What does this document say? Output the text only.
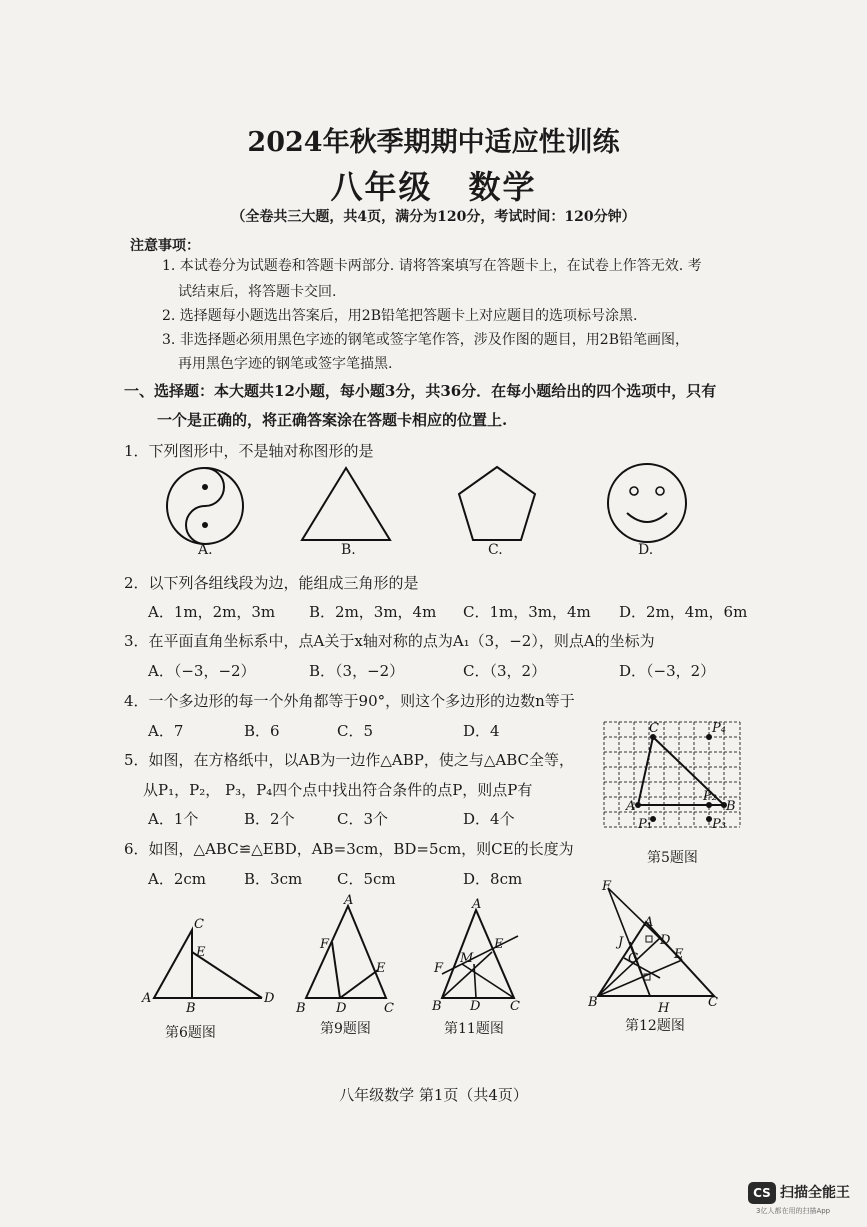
2024年秋季期期中适应性训练
八年级 数学
（全卷共三大题，共4页，满分为120分，考试时间：120分钟）
注意事项：
1. 本试卷分为试题卷和答题卡两部分. 请将答案填写在答题卡上，在试卷上作答无效. 考
试结束后，将答题卡交回.
2. 选择题每小题选出答案后，用2B铅笔把答题卡上对应题目的选项标号涂黑.
3. 非选择题必须用黑色字迹的钢笔或签字笔作答，涉及作图的题目，用2B铅笔画图，
再用黑色字迹的钢笔或签字笔描黑.
一、选择题：本大题共12小题，每小题3分，共36分．在每小题给出的四个选项中，只有
一个是正确的，将正确答案涂在答题卡相应的位置上.
1．下列图形中，不是轴对称图形的是
A.	B.	C.	D.
2．以下列各组线段为边，能组成三角形的是
A．1m，2m，3m B．2m，3m，4m C．1m，3m，4m D．2m，4m，6m
3．在平面直角坐标系中，点A关于x轴对称的点为A₁（3，−2），则点A的坐标为
A．（−3，−2）	B．（3，−2）	C．（3，2）	D．（−3，2）
4．一个多边形的每一个外角都等于90°，则这个多边形的边数n等于
A．7	B．6	C．5	D．4
5．如图，在方格纸中，以AB为一边作△ABP，使之与△ABC全等，
从P₁，P₂， P₃，P₄四个点中找出符合条件的点P，则点P有
A．1个	B．2个	C．3个	D．4个
C	P₄
A	B
P₂
P₃
P₁
第5题图
6．如图，△ABC≌△EBD，AB=3cm，BD=5cm，则CE的长度为
A．2cm	B．3cm C．5cm	D．8cm
A
C
E
B
D
第6题图
A
F
E
B D	C
第9题图
A
E
F
M
B D C
第11题图
F
A
D
J
G	E
B	H	C
第12题图
八年级数学 第1页（共4页）
CS 扫描全能王
3亿人都在用的扫描App
